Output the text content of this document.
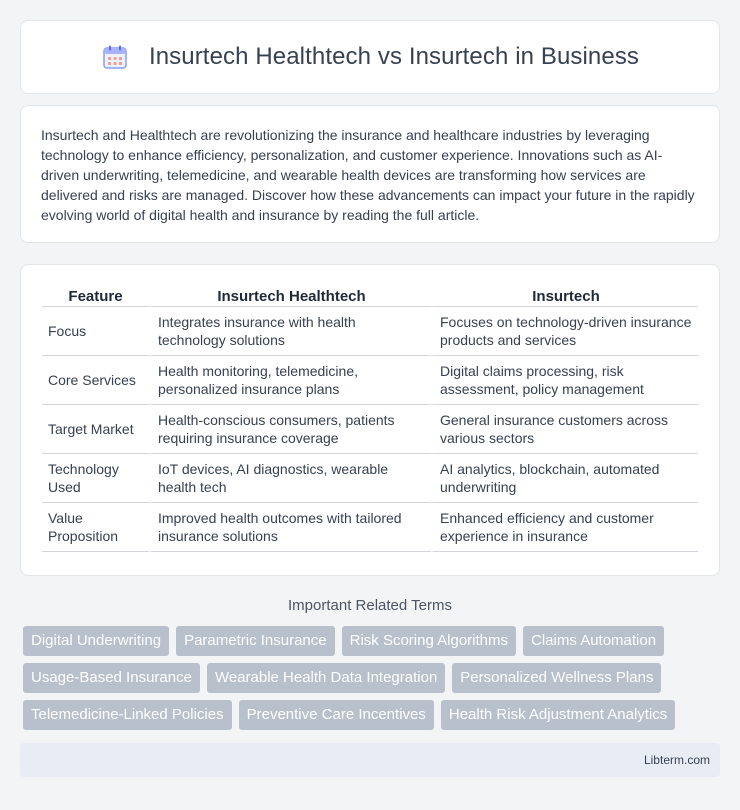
Insurtech Healthtech vs Insurtech in Business

Insurtech and Healthtech are revolutionizing the insurance and healthcare industries by leveraging technology to enhance efficiency, personalization, and customer experience. Innovations such as AI-driven underwriting, telemedicine, and wearable health devices are transforming how services are delivered and risks are managed. Discover how these advancements can impact your future in the rapidly evolving world of digital health and insurance by reading the full article.

Feature	Insurtech Healthtech	Insurtech
Focus	Integrates insurance with health technology solutions	Focuses on technology-driven insurance products and services
Core Services	Health monitoring, telemedicine, personalized insurance plans	Digital claims processing, risk assessment, policy management
Target Market	Health-conscious consumers, patients requiring insurance coverage	General insurance customers across various sectors
Technology Used	IoT devices, AI diagnostics, wearable health tech	AI analytics, blockchain, automated underwriting
Value Proposition	Improved health outcomes with tailored insurance solutions	Enhanced efficiency and customer experience in insurance
Important Related Terms
Digital Underwriting	Parametric Insurance	Risk Scoring Algorithms	Claims Automation
Usage-Based Insurance	Wearable Health Data Integration	Personalized Wellness Plans
Telemedicine-Linked Policies	Preventive Care Incentives	Health Risk Adjustment Analytics
Libterm.com
